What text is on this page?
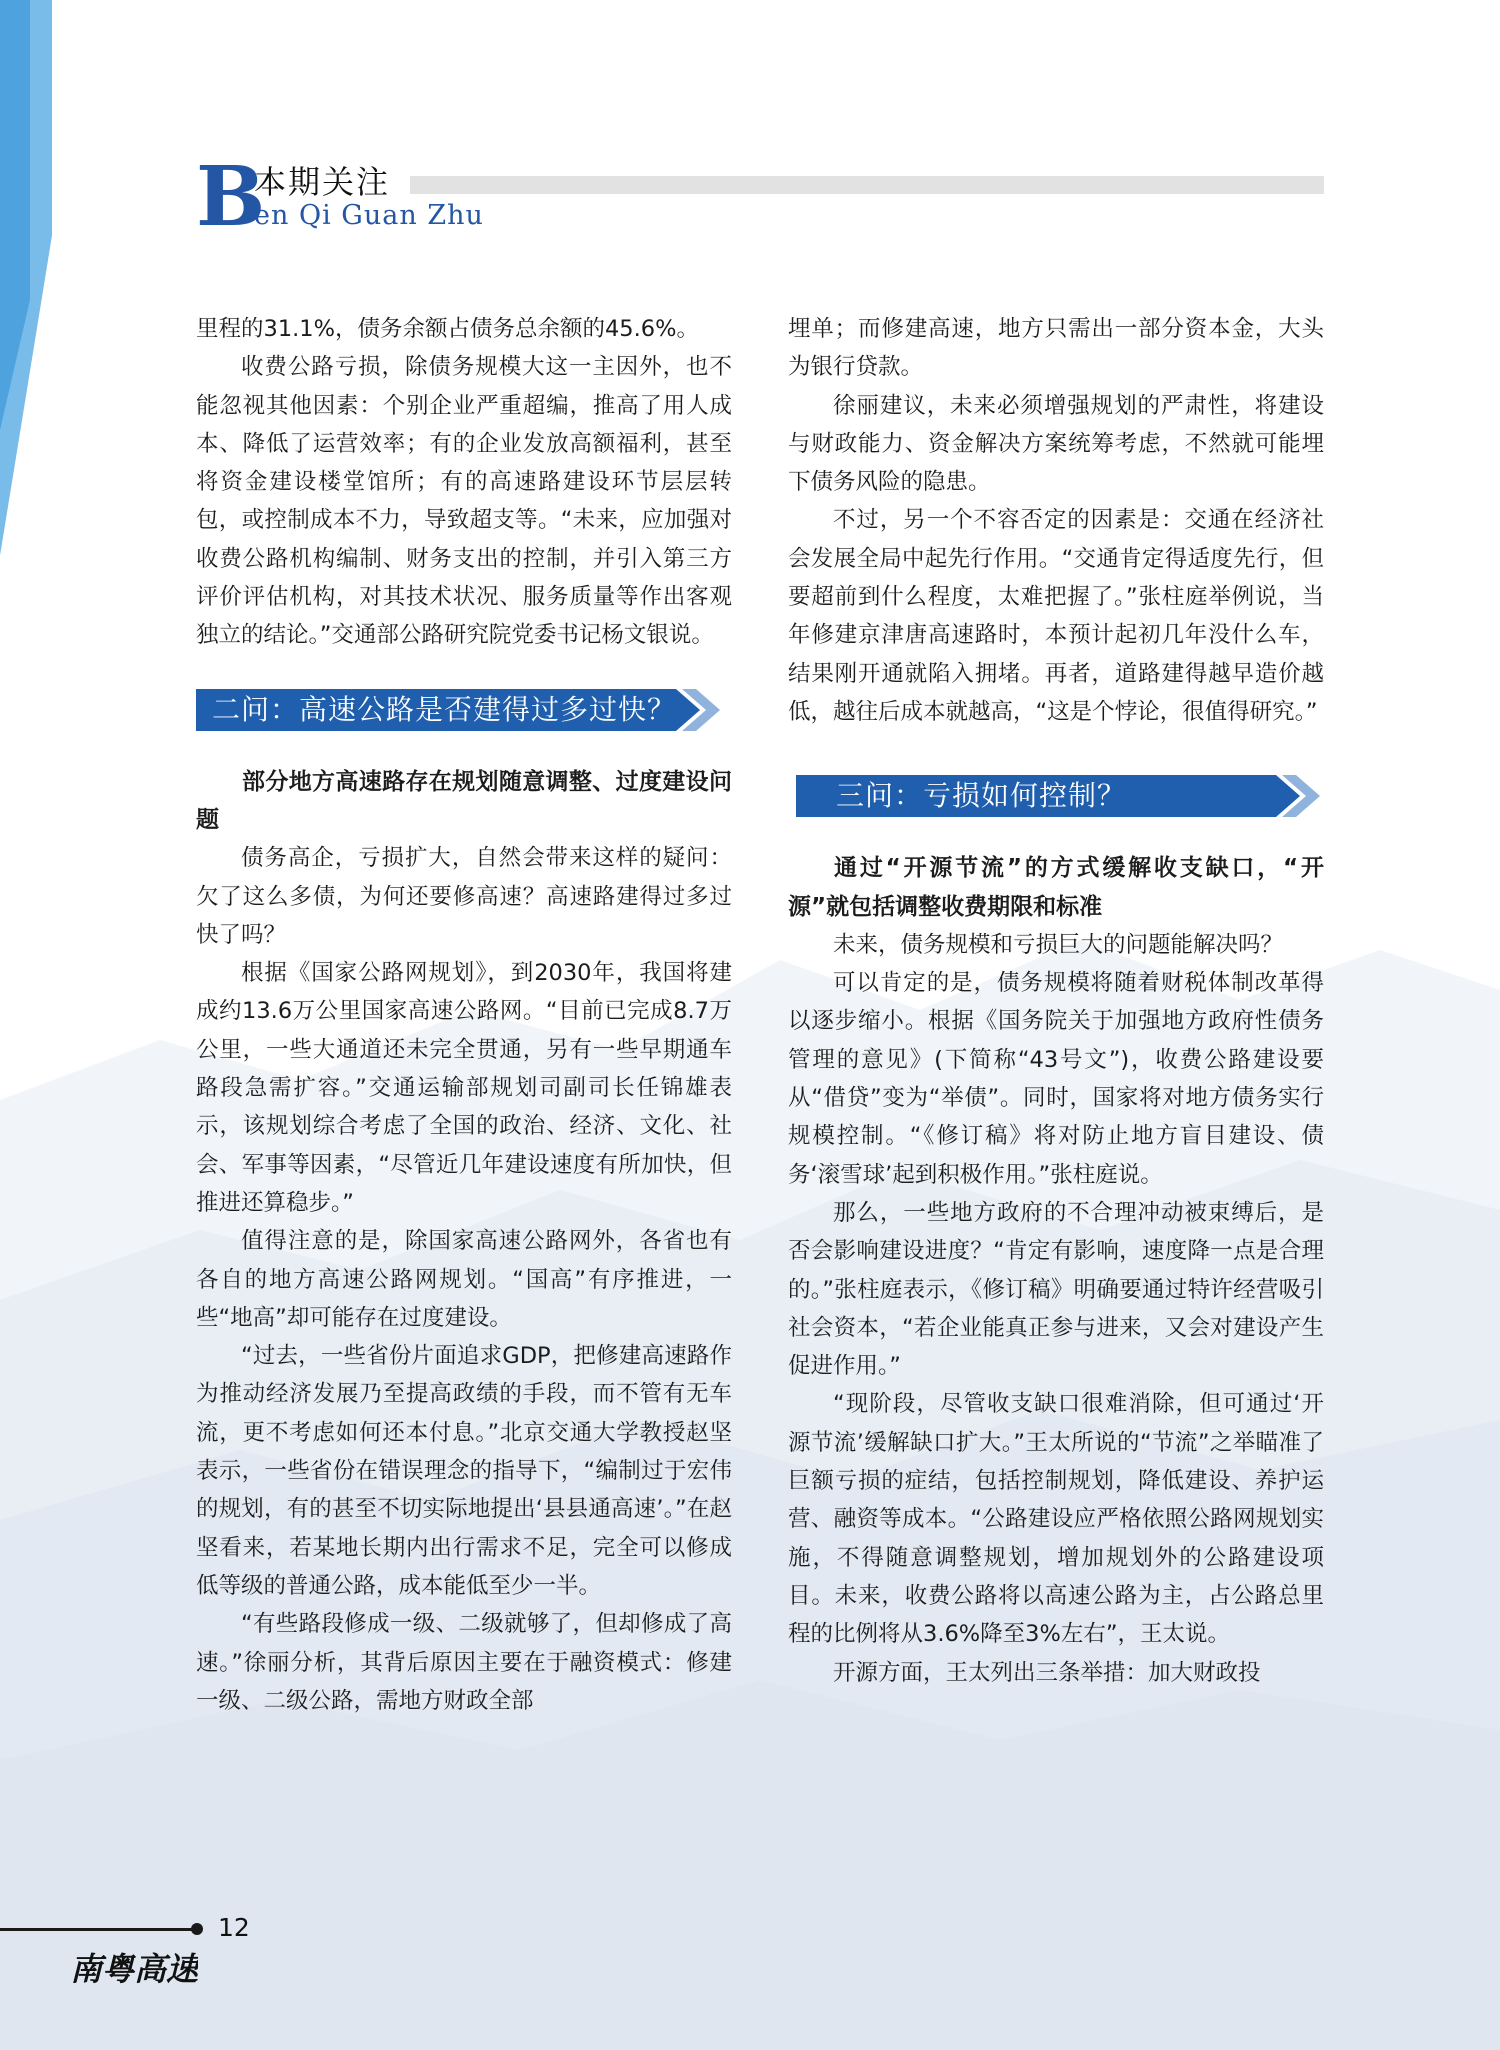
B
本期关注
en Qi Guan Zhu

里程的31.1%，债务余额占债务总余额的45.6%。

收费公路亏损，除债务规模大这一主因外，也不能忽视其他因素：个别企业严重超编，推高了用人成本、降低了运营效率；有的企业发放高额福利，甚至将资金建设楼堂馆所；有的高速路建设环节层层转包，或控制成本不力，导致超支等。“未来，应加强对收费公路机构编制、财务支出的控制，并引入第三方评价评估机构，对其技术状况、服务质量等作出客观独立的结论。”交通部公路研究院党委书记杨文银说。

二问：高速公路是否建得过多过快？

部分地方高速路存在规划随意调整、过度建设问题

债务高企，亏损扩大，自然会带来这样的疑问：欠了这么多债，为何还要修高速？高速路建得过多过快了吗？

根据《国家公路网规划》，到2030年，我国将建成约13.6万公里国家高速公路网。“目前已完成8.7万公里，一些大通道还未完全贯通，另有一些早期通车路段急需扩容。”交通运输部规划司副司长任锦雄表示，该规划综合考虑了全国的政治、经济、文化、社会、军事等因素，“尽管近几年建设速度有所加快，但推进还算稳步。”

值得注意的是，除国家高速公路网外，各省也有各自的地方高速公路网规划。“国高”有序推进，一些“地高”却可能存在过度建设。

“过去，一些省份片面追求GDP，把修建高速路作为推动经济发展乃至提高政绩的手段，而不管有无车流，更不考虑如何还本付息。”北京交通大学教授赵坚表示，一些省份在错误理念的指导下，“编制过于宏伟的规划，有的甚至不切实际地提出‘县县通高速’。”在赵坚看来，若某地长期内出行需求不足，完全可以修成低等级的普通公路，成本能低至少一半。

“有些路段修成一级、二级就够了，但却修成了高速。”徐丽分析，其背后原因主要在于融资模式：修建一级、二级公路，需地方财政全部

埋单；而修建高速，地方只需出一部分资本金，大头为银行贷款。

徐丽建议，未来必须增强规划的严肃性，将建设与财政能力、资金解决方案统筹考虑，不然就可能埋下债务风险的隐患。

不过，另一个不容否定的因素是：交通在经济社会发展全局中起先行作用。“交通肯定得适度先行，但要超前到什么程度，太难把握了。”张柱庭举例说，当年修建京津唐高速路时，本预计起初几年没什么车，结果刚开通就陷入拥堵。再者，道路建得越早造价越低，越往后成本就越高，“这是个悖论，很值得研究。”

三问：亏损如何控制？

通过“开源节流”的方式缓解收支缺口，“开源”就包括调整收费期限和标准

未来，债务规模和亏损巨大的问题能解决吗？

可以肯定的是，债务规模将随着财税体制改革得以逐步缩小。根据《国务院关于加强地方政府性债务管理的意见》(下简称“43号文”)，收费公路建设要从“借贷”变为“举债”。同时，国家将对地方债务实行规模控制。“《修订稿》将对防止地方盲目建设、债务‘滚雪球’起到积极作用。”张柱庭说。

那么，一些地方政府的不合理冲动被束缚后，是否会影响建设进度？“肯定有影响，速度降一点是合理的。”张柱庭表示，《修订稿》明确要通过特许经营吸引社会资本，“若企业能真正参与进来，又会对建设产生促进作用。”

“现阶段，尽管收支缺口很难消除，但可通过‘开源节流’缓解缺口扩大。”王太所说的“节流”之举瞄准了巨额亏损的症结，包括控制规划，降低建设、养护运营、融资等成本。“公路建设应严格依照公路网规划实施，不得随意调整规划，增加规划外的公路建设项目。未来，收费公路将以高速公路为主，占公路总里程的比例将从3.6%降至3%左右”，王太说。

开源方面，王太列出三条举措：加大财政投

12
南粤高速
